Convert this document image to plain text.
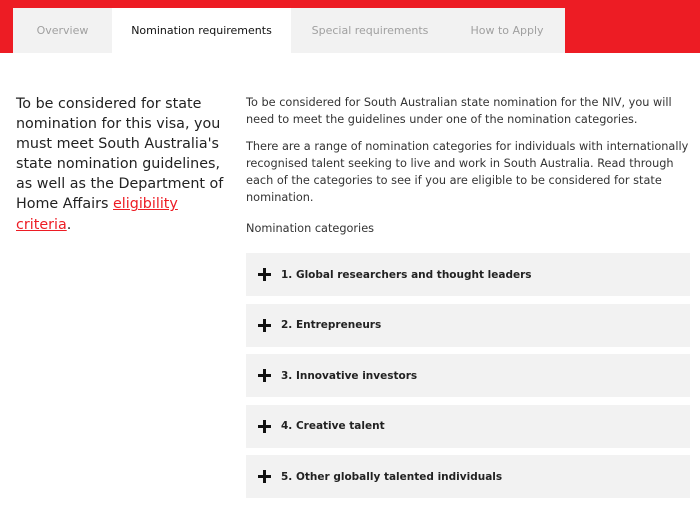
Overview	Nomination requirements	Special requirements	How to Apply
To be considered for state nomination for this visa, you must meet South Australia's state nomination guidelines, as well as the Department of Home Affairs eligibility criteria.

To be considered for South Australian state nomination for the NIV, you will need to meet the guidelines under one of the nomination categories.

There are a range of nomination categories for individuals with internationally recognised talent seeking to live and work in South Australia. Read through each of the categories to see if you are eligible to be considered for state nomination.

Nomination categories
1. Global researchers and thought leaders
2. Entrepreneurs
3. Innovative investors
4. Creative talent
5. Other globally talented individuals
